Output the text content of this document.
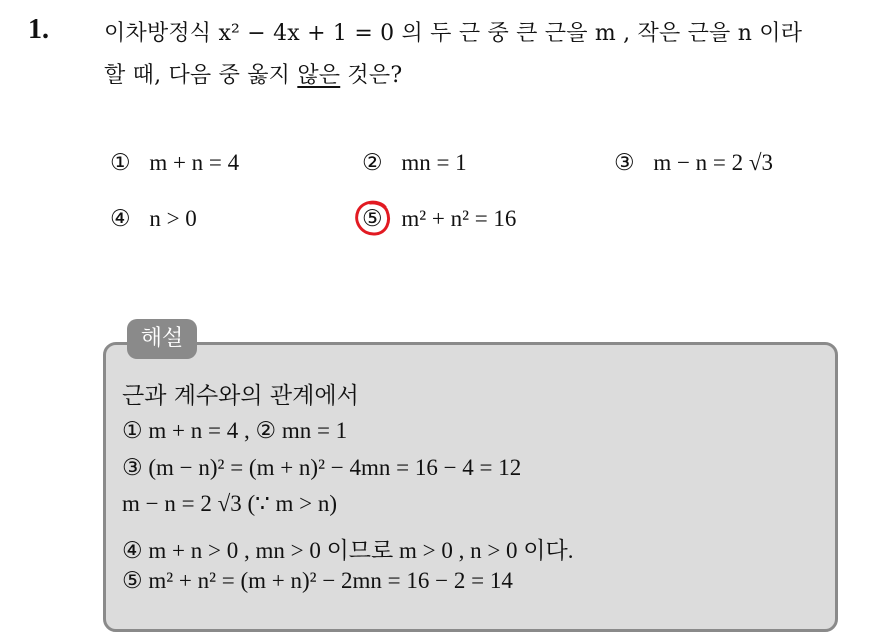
1.	이차방정식 x² − 4x + 1 = 0 의 두 근 중 큰 근을 m , 작은 근을 n 이라
할 때, 다음 중 옳지 않은 것은?
① m + n = 4	② mn = 1	③ m − n = 2 √3
④ n > 0	⑤ m² + n² = 16
해설
근과 계수와의 관계에서
① m + n = 4 , ② mn = 1
③ (m − n)² = (m + n)² − 4mn = 16 − 4 = 12
m − n = 2 √3 (∵ m > n)
④ m + n > 0 , mn > 0 이므로 m > 0 , n > 0 이다.
⑤ m² + n² = (m + n)² − 2mn = 16 − 2 = 14
